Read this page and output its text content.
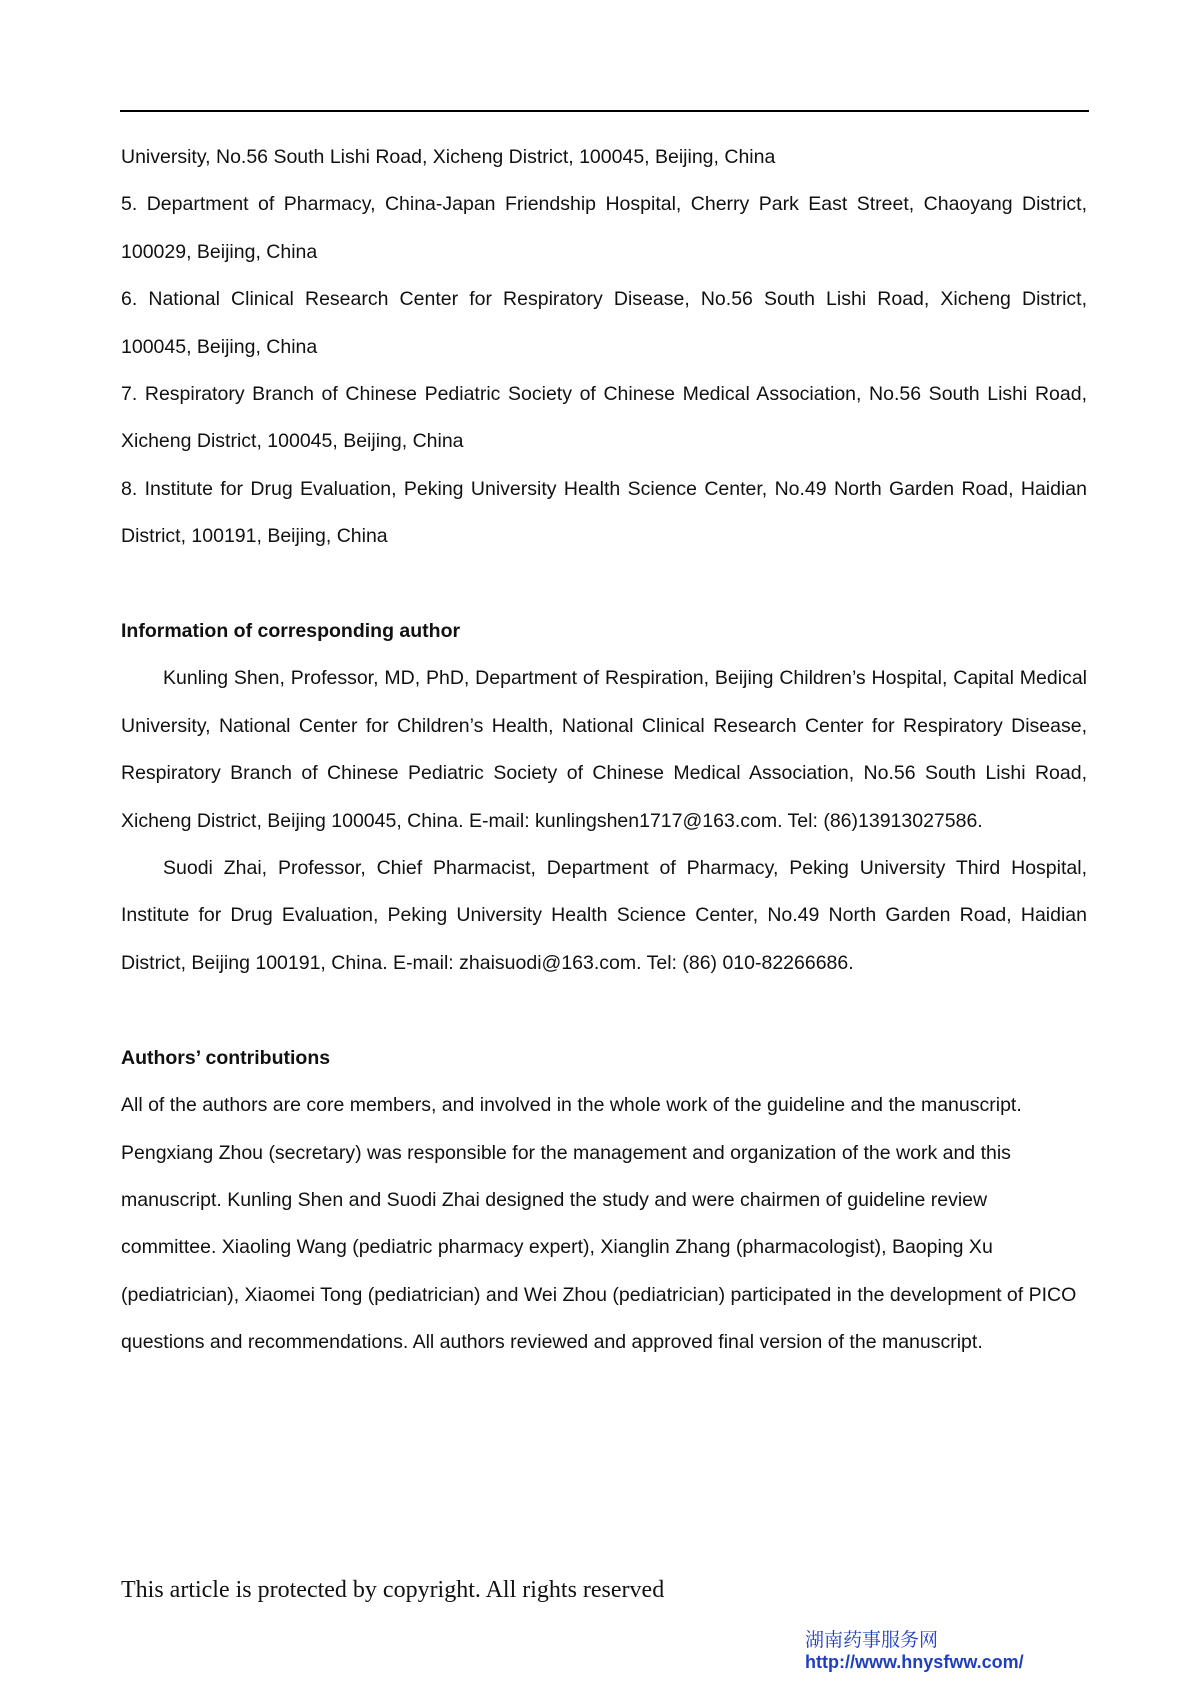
University, No.56 South Lishi Road, Xicheng District, 100045, Beijing, China

5. Department of Pharmacy, China-Japan Friendship Hospital, Cherry Park East Street, Chaoyang District, 100029, Beijing, China

6. National Clinical Research Center for Respiratory Disease, No.56 South Lishi Road, Xicheng District, 100045, Beijing, China

7. Respiratory Branch of Chinese Pediatric Society of Chinese Medical Association, No.56 South Lishi Road, Xicheng District, 100045, Beijing, China

8. Institute for Drug Evaluation, Peking University Health Science Center, No.49 North Garden Road, Haidian District, 100191, Beijing, China

Information of corresponding author

Kunling Shen, Professor, MD, PhD, Department of Respiration, Beijing Children’s Hospital, Capital Medical University, National Center for Children’s Health, National Clinical Research Center for Respiratory Disease, Respiratory Branch of Chinese Pediatric Society of Chinese Medical Association, No.56 South Lishi Road, Xicheng District, Beijing 100045, China. E-mail: kunlingshen1717@163.com. Tel: (86)13913027586.

Suodi Zhai, Professor, Chief Pharmacist, Department of Pharmacy, Peking University Third Hospital, Institute for Drug Evaluation, Peking University Health Science Center, No.49 North Garden Road, Haidian District, Beijing 100191, China. E-mail: zhaisuodi@163.com. Tel: (86) 010-82266686.

Authors’ contributions

All of the authors are core members, and involved in the whole work of the guideline and the manuscript. Pengxiang Zhou (secretary) was responsible for the management and organization of the work and this manuscript. Kunling Shen and Suodi Zhai designed the study and were chairmen of guideline review committee. Xiaoling Wang (pediatric pharmacy expert), Xianglin Zhang (pharmacologist), Baoping Xu (pediatrician), Xiaomei Tong (pediatrician) and Wei Zhou (pediatrician) participated in the development of PICO questions and recommendations. All authors reviewed and approved final version of the manuscript.

This article is protected by copyright. All rights reserved
湖南药事服务网
http://www.hnysfww.com/
